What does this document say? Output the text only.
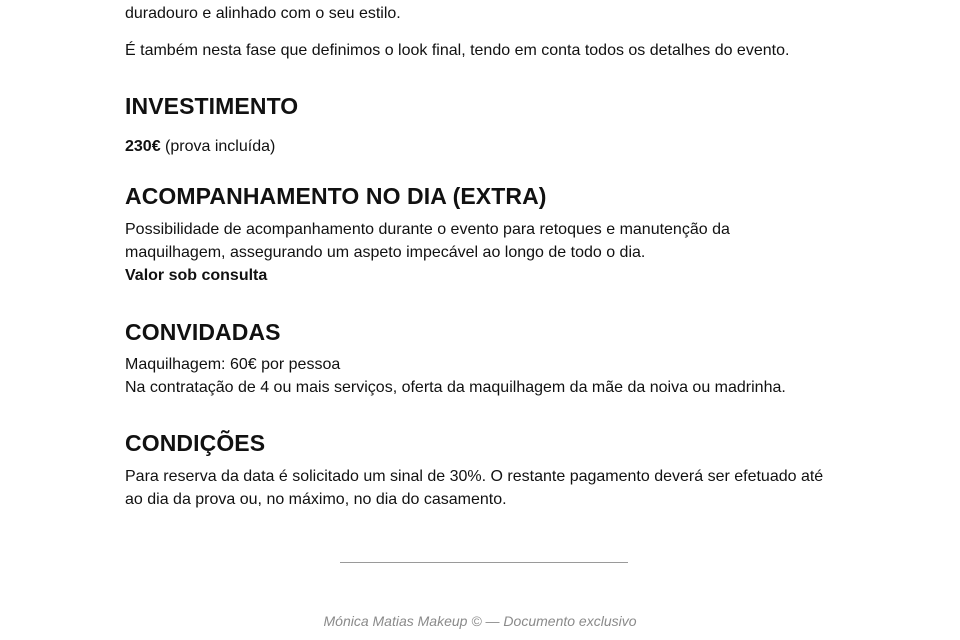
duradouro e alinhado com o seu estilo.

É também nesta fase que definimos o look final, tendo em conta todos os detalhes do evento.

INVESTIMENTO

230€ (prova incluída)

ACOMPANHAMENTO NO DIA (EXTRA)

Possibilidade de acompanhamento durante o evento para retoques e manutenção da

maquilhagem, assegurando um aspeto impecável ao longo de todo o dia.

Valor sob consulta

CONVIDADAS

Maquilhagem: 60€ por pessoa

Na contratação de 4 ou mais serviços, oferta da maquilhagem da mãe da noiva ou madrinha.

CONDIÇÕES

Para reserva da data é solicitado um sinal de 30%. O restante pagamento deverá ser efetuado até

ao dia da prova ou, no máximo, no dia do casamento.

Mónica Matias Makeup © — Documento exclusivo
